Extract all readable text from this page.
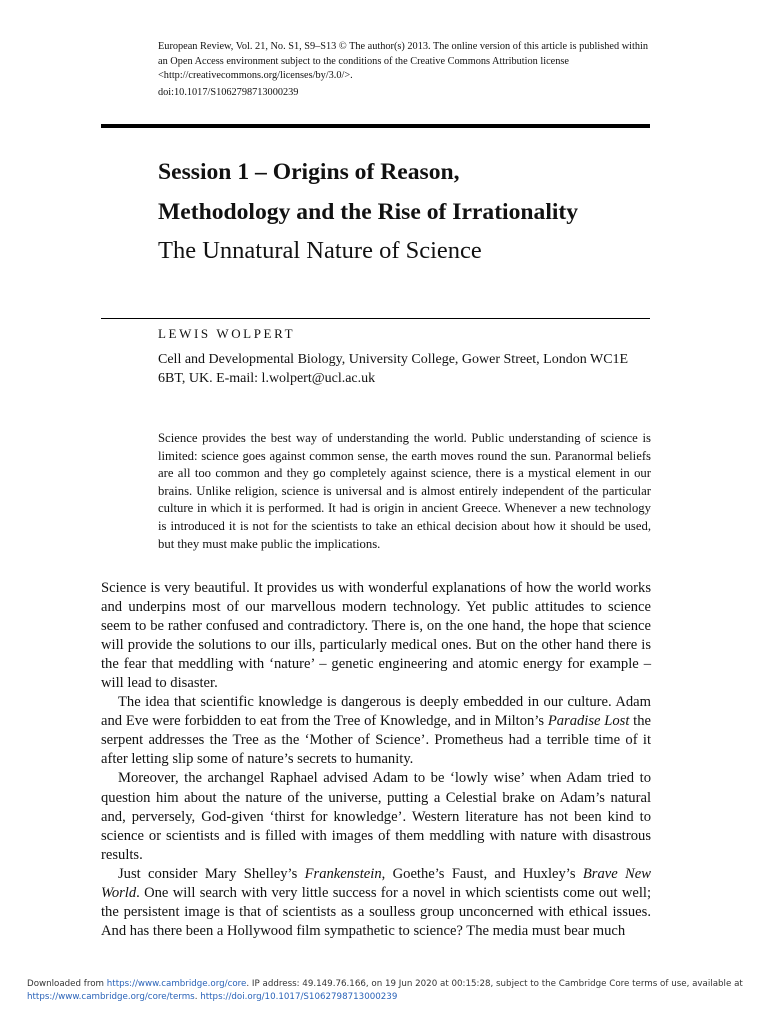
European Review, Vol. 21, No. S1, S9–S13 © The author(s) 2013. The online version of this article is published within an Open Access environment subject to the conditions of the Creative Commons Attribution license <http://creativecommons.org/licenses/by/3.0/>.

doi:10.1017/S1062798713000239
Session 1 – Origins of Reason,
Methodology and the Rise of Irrationality
The Unnatural Nature of Science
LEWIS WOLPERT
Cell and Developmental Biology, University College, Gower Street, London WC1E 6BT, UK. E-mail: l.wolpert@ucl.ac.uk

Science provides the best way of understanding the world. Public understanding of science is limited: science goes against common sense, the earth moves round the sun. Paranormal beliefs are all too common and they go completely against science, there is a mystical element in our brains. Unlike religion, science is universal and is almost entirely independent of the particular culture in which it is performed. It had is origin in ancient Greece. Whenever a new technology is introduced it is not for the scientists to take an ethical decision about how it should be used, but they must make public the implications.

Science is very beautiful. It provides us with wonderful explanations of how the world works and underpins most of our marvellous modern technology. Yet public attitudes to science seem to be rather confused and contradictory. There is, on the one hand, the hope that science will provide the solutions to our ills, particularly medical ones. But on the other hand there is the fear that meddling with ‘nature’ – genetic engineering and atomic energy for example – will lead to disaster.

The idea that scientific knowledge is dangerous is deeply embedded in our culture. Adam and Eve were forbidden to eat from the Tree of Knowledge, and in Milton’s Paradise Lost the serpent addresses the Tree as the ‘Mother of Science’. Prometheus had a terrible time of it after letting slip some of nature’s secrets to humanity.

Moreover, the archangel Raphael advised Adam to be ‘lowly wise’ when Adam tried to question him about the nature of the universe, putting a Celestial brake on Adam’s natural and, perversely, God-given ‘thirst for knowledge’. Western literature has not been kind to science or scientists and is filled with images of them meddling with nature with disastrous results.

Just consider Mary Shelley’s Frankenstein, Goethe’s Faust, and Huxley’s Brave New World. One will search with very little success for a novel in which scientists come out well; the persistent image is that of scientists as a soulless group unconcerned with ethical issues. And has there been a Hollywood film sympathetic to science? The media must bear much

Downloaded from https://www.cambridge.org/core. IP address: 49.149.76.166, on 19 Jun 2020 at 00:15:28, subject to the Cambridge Core terms of use, available at
https://www.cambridge.org/core/terms. https://doi.org/10.1017/S1062798713000239
